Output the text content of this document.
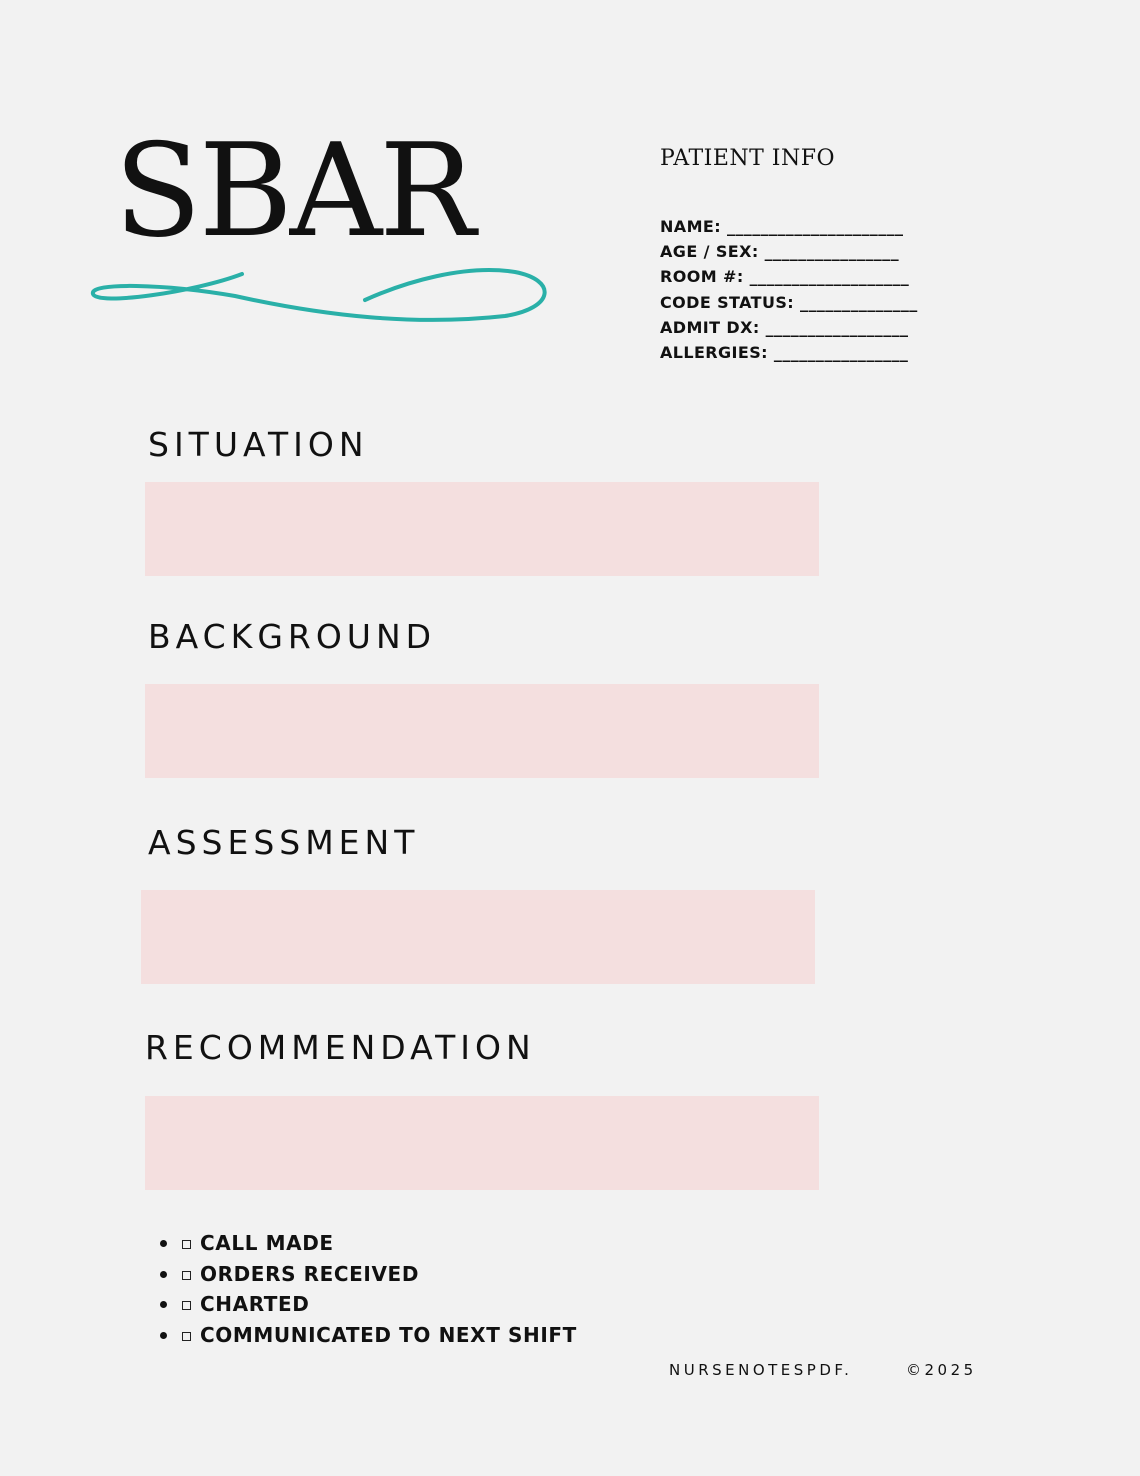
SBAR	PATIENT INFO
NAME: _____________________
AGE / SEX: ________________
ROOM #: ___________________
CODE STATUS: ______________
ADMIT DX: _________________
ALLERGIES: ________________
SITUATION
BACKGROUND
ASSESSMENT
RECOMMENDATION
CALL MADE
ORDERS RECEIVED
CHARTED
COMMUNICATED TO NEXT SHIFT
NURSENOTESPDF.	©2025
